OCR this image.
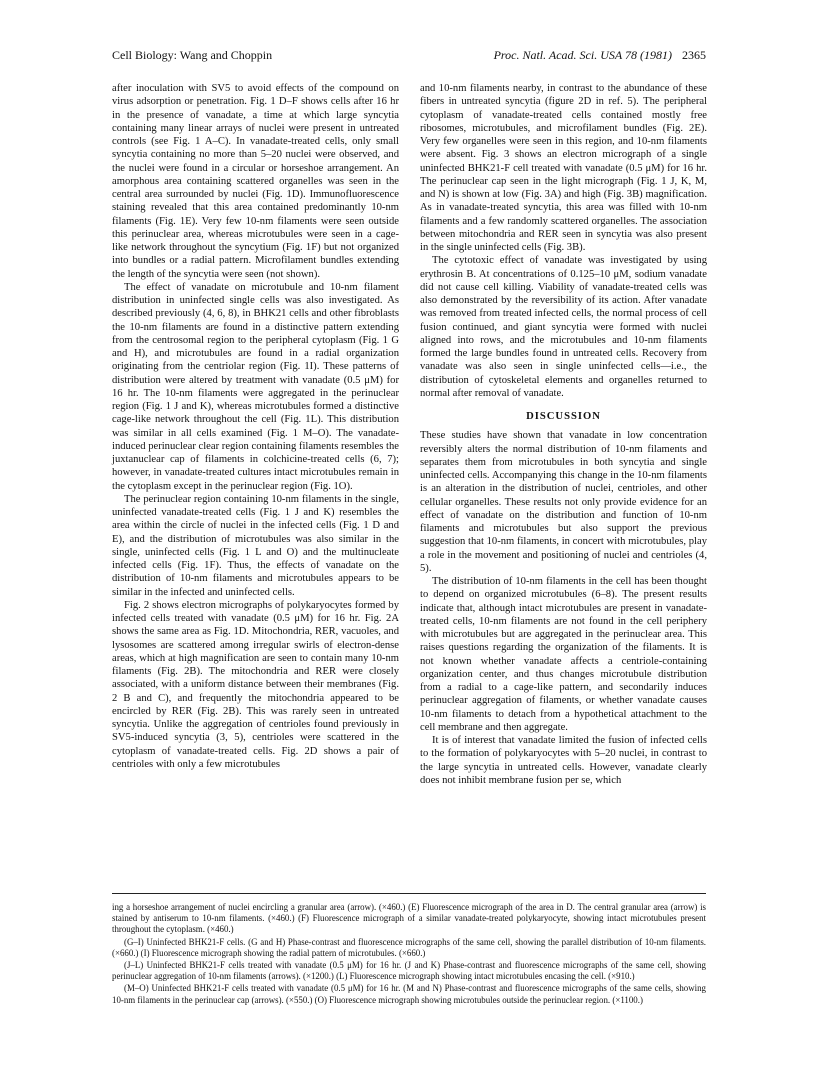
Cell Biology: Wang and Choppin	Proc. Natl. Acad. Sci. USA 78 (1981) 2365

after inoculation with SV5 to avoid effects of the compound on virus adsorption or penetration. Fig. 1 D–F shows cells after 16 hr in the presence of vanadate, a time at which large syncytia containing many linear arrays of nuclei were present in untreated controls (see Fig. 1 A–C). In vanadate-treated cells, only small syncytia containing no more than 5–20 nuclei were observed, and the nuclei were found in a circular or horseshoe arrangement. An amorphous area containing scattered organelles was seen in the central area surrounded by nuclei (Fig. 1D). Immunofluorescence staining revealed that this area contained predominantly 10-nm filaments (Fig. 1E). Very few 10-nm filaments were seen outside this perinuclear area, whereas microtubules were seen in a cage-like network throughout the syncytium (Fig. 1F) but not organized into bundles or a radial pattern. Microfilament bundles extending the length of the syncytia were seen (not shown).

The effect of vanadate on microtubule and 10-nm filament distribution in uninfected single cells was also investigated. As described previously (4, 6, 8), in BHK21 cells and other fibroblasts the 10-nm filaments are found in a distinctive pattern extending from the centrosomal region to the peripheral cytoplasm (Fig. 1 G and H), and microtubules are found in a radial organization originating from the centriolar region (Fig. 1I). These patterns of distribution were altered by treatment with vanadate (0.5 μM) for 16 hr. The 10-nm filaments were aggregated in the perinuclear region (Fig. 1 J and K), whereas microtubules formed a distinctive cage-like network throughout the cell (Fig. 1L). This distribution was similar in all cells examined (Fig. 1 M–O). The vanadate-induced perinuclear clear region containing filaments resembles the juxtanuclear cap of filaments in colchicine-treated cells (6, 7); however, in vanadate-treated cultures intact microtubules remain in the cytoplasm except in the perinuclear region (Fig. 1O).

The perinuclear region containing 10-nm filaments in the single, uninfected vanadate-treated cells (Fig. 1 J and K) resembles the area within the circle of nuclei in the infected cells (Fig. 1 D and E), and the distribution of microtubules was also similar in the single, uninfected cells (Fig. 1 L and O) and the multinucleate infected cells (Fig. 1F). Thus, the effects of vanadate on the distribution of 10-nm filaments and microtubules appears to be similar in the infected and uninfected cells.

Fig. 2 shows electron micrographs of polykaryocytes formed by infected cells treated with vanadate (0.5 μM) for 16 hr. Fig. 2A shows the same area as Fig. 1D. Mitochondria, RER, vacuoles, and lysosomes are scattered among irregular swirls of electron-dense areas, which at high magnification are seen to contain many 10-nm filaments (Fig. 2B). The mitochondria and RER were closely associated, with a uniform distance between their membranes (Fig. 2 B and C), and frequently the mitochondria appeared to be encircled by RER (Fig. 2B). This was rarely seen in untreated syncytia. Unlike the aggregation of centrioles found previously in SV5-induced syncytia (3, 5), centrioles were scattered in the cytoplasm of vanadate-treated cells. Fig. 2D shows a pair of centrioles with only a few microtubules

and 10-nm filaments nearby, in contrast to the abundance of these fibers in untreated syncytia (figure 2D in ref. 5). The peripheral cytoplasm of vanadate-treated cells contained mostly free ribosomes, microtubules, and microfilament bundles (Fig. 2E). Very few organelles were seen in this region, and 10-nm filaments were absent. Fig. 3 shows an electron micrograph of a single uninfected BHK21-F cell treated with vanadate (0.5 μM) for 16 hr. The perinuclear cap seen in the light micrograph (Fig. 1 J, K, M, and N) is shown at low (Fig. 3A) and high (Fig. 3B) magnification. As in vanadate-treated syncytia, this area was filled with 10-nm filaments and a few randomly scattered organelles. The association between mitochondria and RER seen in syncytia was also present in the single uninfected cells (Fig. 3B).

The cytotoxic effect of vanadate was investigated by using erythrosin B. At concentrations of 0.125–10 μM, sodium vanadate did not cause cell killing. Viability of vanadate-treated cells was also demonstrated by the reversibility of its action. After vanadate was removed from treated infected cells, the normal process of cell fusion continued, and giant syncytia were formed with nuclei aligned into rows, and the microtubules and 10-nm filaments formed the large bundles found in untreated cells. Recovery from vanadate was also seen in single uninfected cells—i.e., the distribution of cytoskeletal elements and organelles returned to normal after removal of vanadate.

DISCUSSION

These studies have shown that vanadate in low concentration reversibly alters the normal distribution of 10-nm filaments and separates them from microtubules in both syncytia and single uninfected cells. Accompanying this change in the 10-nm filaments is an alteration in the distribution of nuclei, centrioles, and other cellular organelles. These results not only provide evidence for an effect of vanadate on the distribution and function of 10-nm filaments and microtubules but also support the previous suggestion that 10-nm filaments, in concert with microtubules, play a role in the movement and positioning of nuclei and centrioles (4, 5).

The distribution of 10-nm filaments in the cell has been thought to depend on organized microtubules (6–8). The present results indicate that, although intact microtubules are present in vanadate-treated cells, 10-nm filaments are not found in the cell periphery with microtubules but are aggregated in the perinuclear area. This raises questions regarding the organization of the filaments. It is not known whether vanadate affects a centriole-containing organization center, and thus changes microtubule distribution from a radial to a cage-like pattern, and secondarily induces perinuclear aggregation of filaments, or whether vanadate causes 10-nm filaments to detach from a hypothetical attachment to the cell membrane and then aggregate.

It is of interest that vanadate limited the fusion of infected cells to the formation of polykaryocytes with 5–20 nuclei, in contrast to the large syncytia in untreated cells. However, vanadate clearly does not inhibit membrane fusion per se, which

ing a horseshoe arrangement of nuclei encircling a granular area (arrow). (×460.) (E) Fluorescence micrograph of the area in D. The central granular area (arrow) is stained by antiserum to 10-nm filaments. (×460.) (F) Fluorescence micrograph of a similar vanadate-treated polykaryocyte, showing intact microtubules present throughout the cytoplasm. (×460.)

(G–I) Uninfected BHK21-F cells. (G and H) Phase-contrast and fluorescence micrographs of the same cell, showing the parallel distribution of 10-nm filaments. (×660.) (I) Fluorescence micrograph showing the radial pattern of microtubules. (×660.)

(J–L) Uninfected BHK21-F cells treated with vanadate (0.5 μM) for 16 hr. (J and K) Phase-contrast and fluorescence micrographs of the same cell, showing perinuclear aggregation of 10-nm filaments (arrows). (×1200.) (L) Fluorescence micrograph showing intact microtubules encasing the cell. (×910.)

(M–O) Uninfected BHK21-F cells treated with vanadate (0.5 μM) for 16 hr. (M and N) Phase-contrast and fluorescence micrographs of the same cells, showing 10-nm filaments in the perinuclear cap (arrows). (×550.) (O) Fluorescence micrograph showing microtubules outside the perinuclear region. (×1100.)
